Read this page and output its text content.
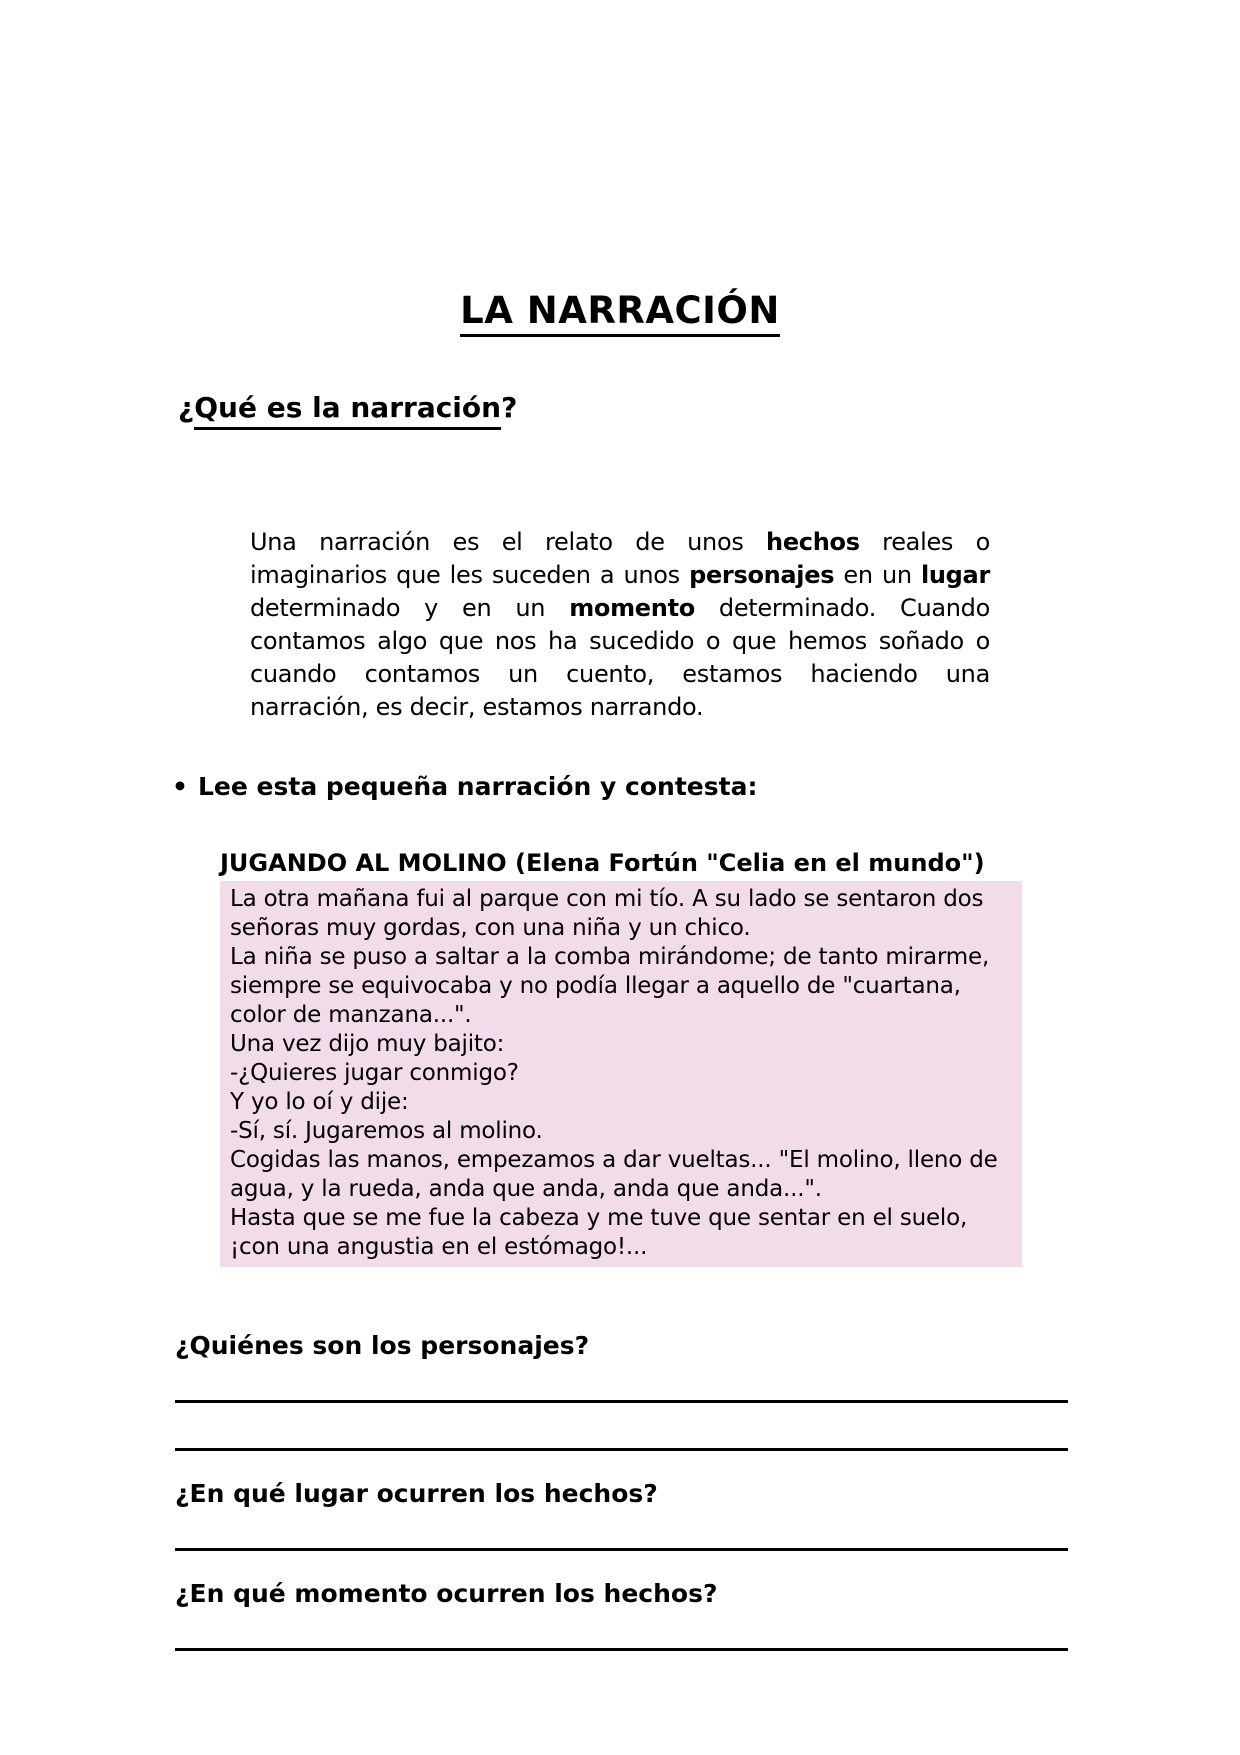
LA NARRACIÓN
¿Qué es la narración?

Una narración es el relato de unos hechos reales o imaginarios que les suceden a unos personajes en un lugar determinado y en un momento determinado. Cuando contamos algo que nos ha sucedido o que hemos soñado o cuando contamos un cuento, estamos haciendo una narración, es decir, estamos narrando.

• Lee esta pequeña narración y contesta:
JUGANDO AL MOLINO (Elena Fortún "Celia en el mundo")
La otra mañana fui al parque con mi tío. A su lado se sentaron dos señoras muy gordas, con una niña y un chico.
La niña se puso a saltar a la comba mirándome; de tanto mirarme, siempre se equivocaba y no podía llegar a aquello de "cuartana, color de manzana...".
Una vez dijo muy bajito:
-¿Quieres jugar conmigo?
Y yo lo oí y dije:
-Sí, sí. Jugaremos al molino.
Cogidas las manos, empezamos a dar vueltas... "El molino, lleno de agua, y la rueda, anda que anda, anda que anda...".
Hasta que se me fue la cabeza y me tuve que sentar en el suelo, ¡con una angustia en el estómago!...
¿Quiénes son los personajes?
¿En qué lugar ocurren los hechos?
¿En qué momento ocurren los hechos?
